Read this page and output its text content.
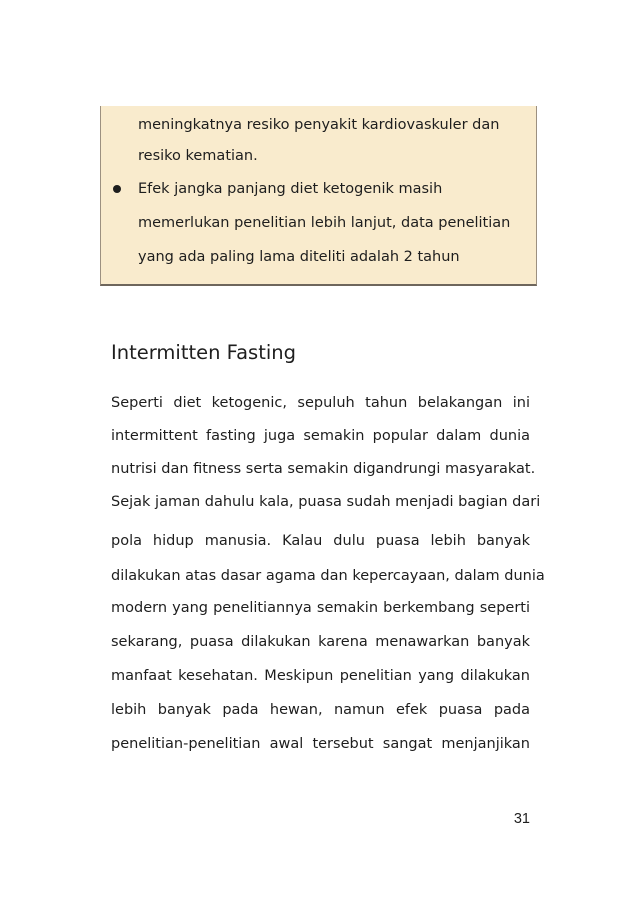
meningkatnya resiko penyakit kardiovaskuler dan

resiko kematian.

Efek jangka panjang diet ketogenik masih

memerlukan penelitian lebih lanjut, data penelitian

yang ada paling lama diteliti adalah 2 tahun

Intermitten Fasting

Seperti diet ketogenic, sepuluh tahun belakangan ini

intermittent fasting juga semakin popular dalam dunia

nutrisi dan fitness serta semakin digandrungi masyarakat.

Sejak jaman dahulu kala, puasa sudah menjadi bagian dari

pola hidup manusia. Kalau dulu puasa lebih banyak

dilakukan atas dasar agama dan kepercayaan, dalam dunia

modern yang penelitiannya semakin berkembang seperti

sekarang, puasa dilakukan karena menawarkan banyak

manfaat kesehatan. Meskipun penelitian yang dilakukan

lebih banyak pada hewan, namun efek puasa pada

penelitian-penelitian awal tersebut sangat menjanjikan

31
